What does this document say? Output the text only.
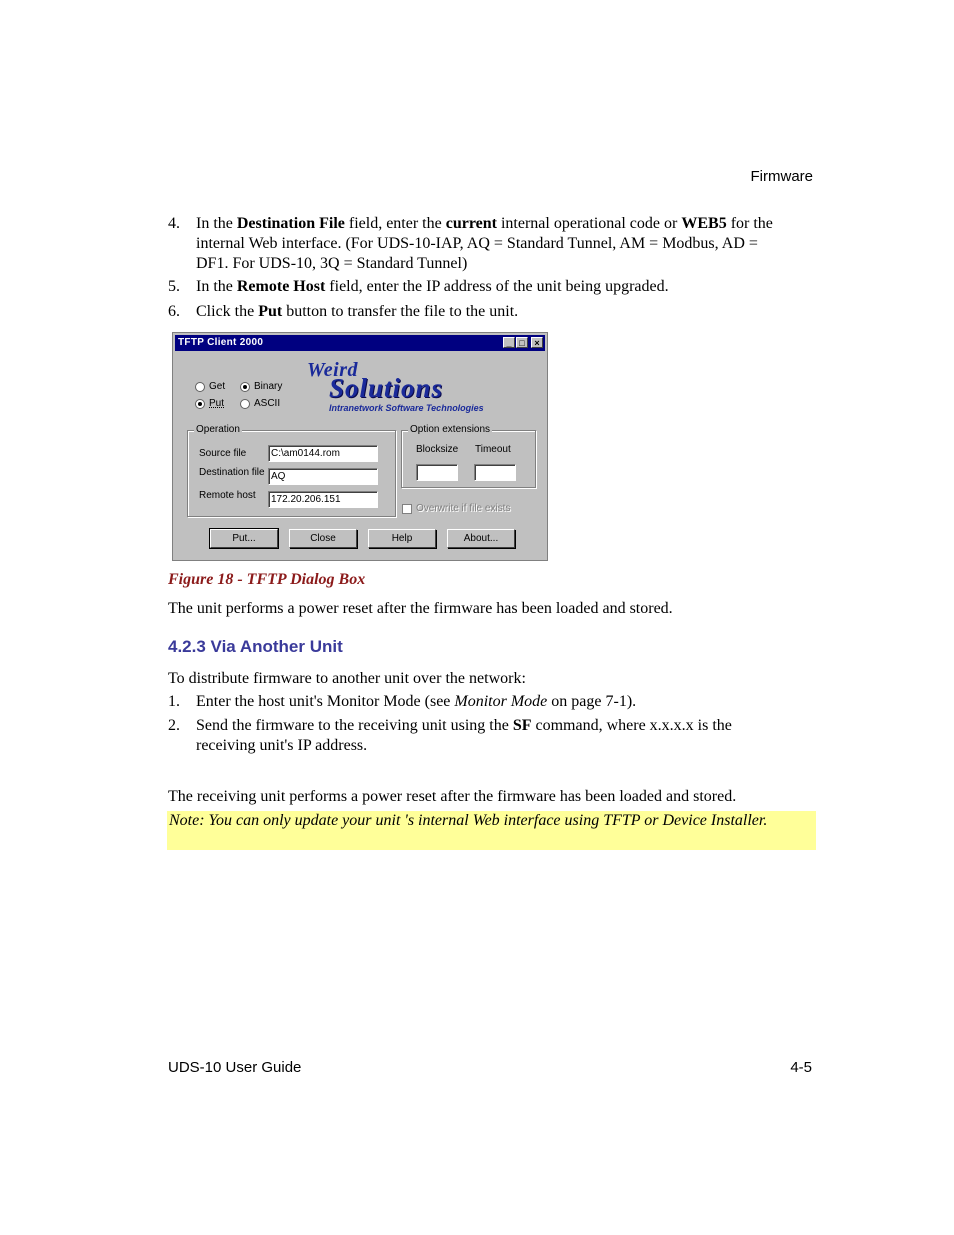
Firmware
4. In the Destination File field, enter the current internal operational code or WEB5 for the internal Web interface. (For UDS-10-IAP, AQ = Standard Tunnel, AM = Modbus, AD = DF1. For UDS-10, 3Q = Standard Tunnel)
5. In the Remote Host field, enter the IP address of the unit being upgraded.
6. Click the Put button to transfer the file to the unit.
TFTP Client 2000	_ □	×
Get
Put
Binary
ASCII
Weird
Solutions
Intranetwork Software Technologies
Operation
Source file	C:\am0144.rom
Destination file AQ
Remote host	172.20.206.151
Option extensions
Blocksize Timeout
Overwrite if file exists
Put...	Close	Help	About...
Figure 18 - TFTP Dialog Box
The unit performs a power reset after the firmware has been loaded and stored.
4.2.3 Via Another Unit
To distribute firmware to another unit over the network:
1. Enter the host unit's Monitor Mode (see Monitor Mode on page 7-1).
2. Send the firmware to the receiving unit using the SF command, where x.x.x.x is the receiving unit's IP address.
The receiving unit performs a power reset after the firmware has been loaded and stored.
Note: You can only update your unit 's internal Web interface using TFTP or Device Installer.
UDS-10 User Guide	4-5
